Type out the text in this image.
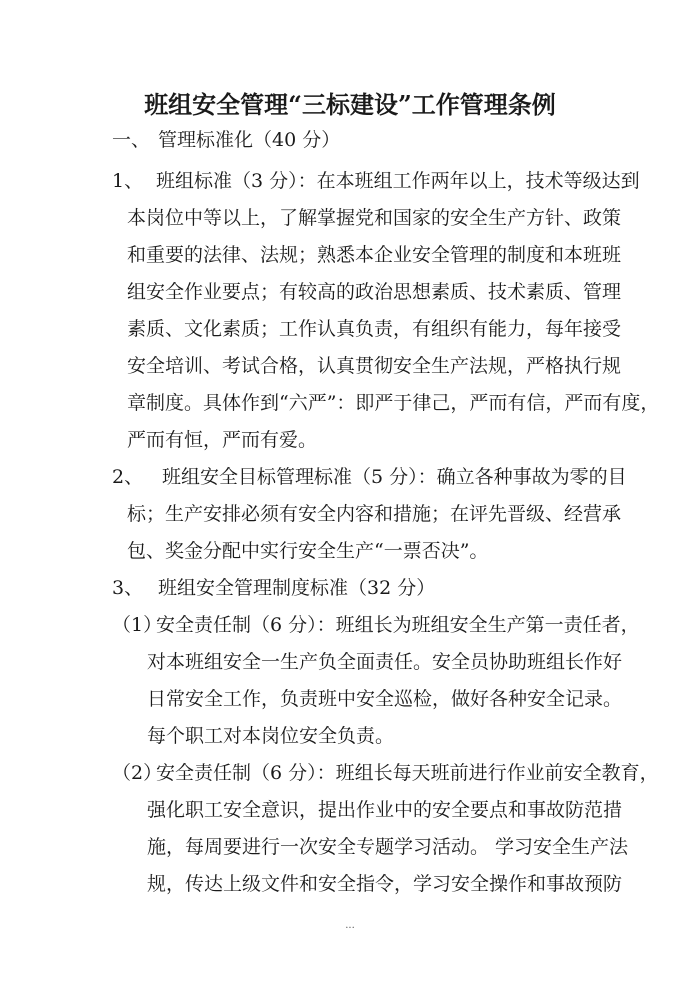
班组安全管理“三标建设”工作管理条例
一、 管理标准化（40 分）
1、 班组标准（3 分）：在本班组工作两年以上，技术等级达到
本岗位中等以上，了解掌握党和国家的安全生产方针、政策
和重要的法律、法规；熟悉本企业安全管理的制度和本班班
组安全作业要点；有较高的政治思想素质、技术素质、管理
素质、文化素质；工作认真负责，有组织有能力，每年接受
安全培训、考试合格，认真贯彻安全生产法规，严格执行规
章制度。具体作到“六严”：即严于律己，严而有信，严而有度，
严而有恒，严而有爱。
2、 班组安全目标管理标准（5 分）：确立各种事故为零的目
标；生产安排必须有安全内容和措施；在评先晋级、经营承
包、奖金分配中实行安全生产“一票否决”。
3、 班组安全管理制度标准（32 分）
（1）
安全责任制（6 分）：班组长为班组安全生产第一责任者，
对本班组安全一生产负全面责任。安全员协助班组长作好
日常安全工作，负责班中安全巡检，做好各种安全记录。
每个职工对本岗位安全负责。
（2）
安全责任制（6 分）：班组长每天班前进行作业前安全教育，
强化职工安全意识，提出作业中的安全要点和事故防范措
施，每周要进行一次安全专题学习活动。 学习安全生产法
规，传达上级文件和安全指令，学习安全操作和事故预防
...
